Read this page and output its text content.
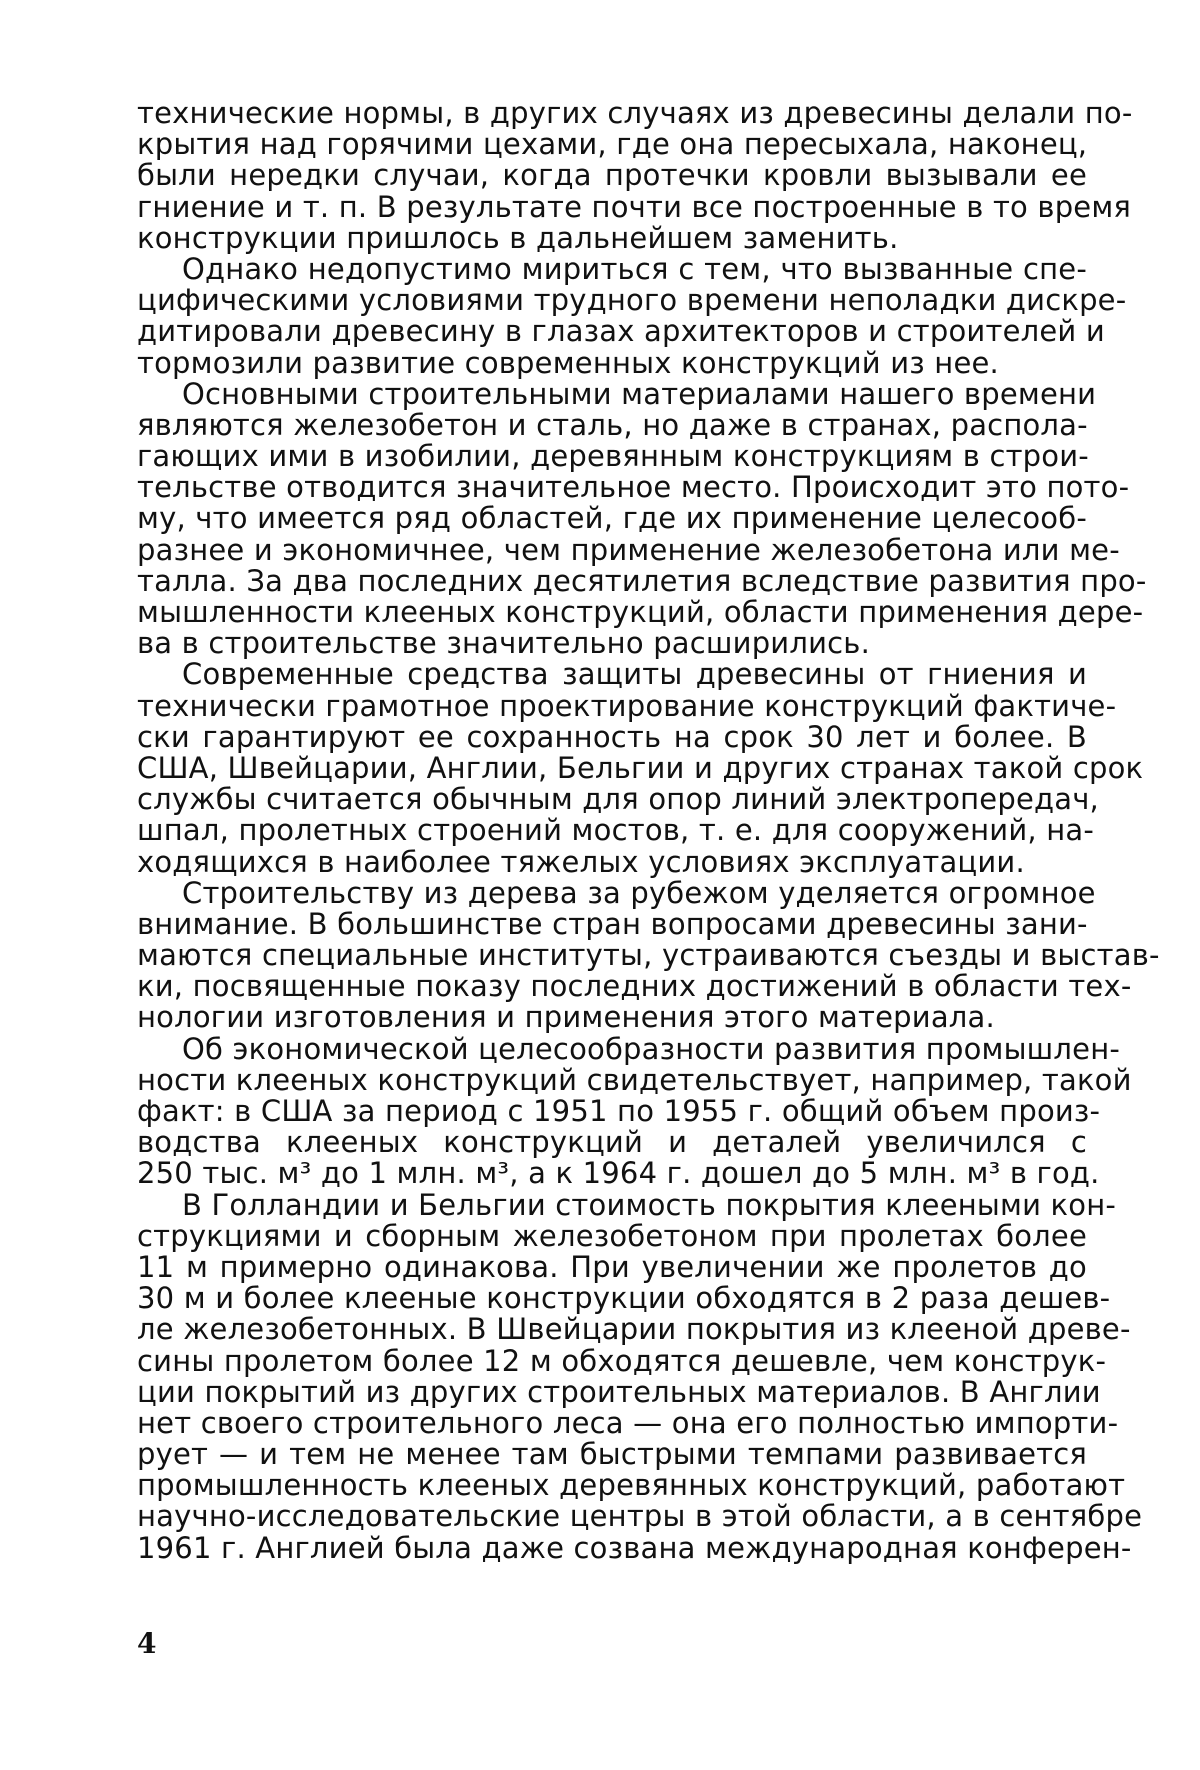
технические нормы, в других случаях из древесины делали по-
крытия над горячими цехами, где она пересыхала, наконец,
были нередки случаи, когда протечки кровли вызывали ее
гниение и т. п. В результате почти все построенные в то время
конструкции пришлось в дальнейшем заменить.
Однако недопустимо мириться с тем, что вызванные спе-
цифическими условиями трудного времени неполадки дискре-
дитировали древесину в глазах архитекторов и строителей и
тормозили развитие современных конструкций из нее.
Основными строительными материалами нашего времени
являются железобетон и сталь, но даже в странах, распола-
гающих ими в изобилии, деревянным конструкциям в строи-
тельстве отводится значительное место. Происходит это пото-
му, что имеется ряд областей, где их применение целесооб-
разнее и экономичнее, чем применение железобетона или ме-
талла. За два последних десятилетия вследствие развития про-
мышленности клееных конструкций, области применения дере-
ва в строительстве значительно расширились.
Современные средства защиты древесины от гниения и
технически грамотное проектирование конструкций фактиче-
ски гарантируют ее сохранность на срок 30 лет и более. В
США, Швейцарии, Англии, Бельгии и других странах такой срок
службы считается обычным для опор линий электропередач,
шпал, пролетных строений мостов, т. е. для сооружений, на-
ходящихся в наиболее тяжелых условиях эксплуатации.
Строительству из дерева за рубежом уделяется огромное
внимание. В большинстве стран вопросами древесины зани-
маются специальные институты, устраиваются съезды и выстав-
ки, посвященные показу последних достижений в области тех-
нологии изготовления и применения этого материала.
Об экономической целесообразности развития промышлен-
ности клееных конструкций свидетельствует, например, такой
факт: в США за период с 1951 по 1955 г. общий объем произ-
водства клееных конструкций и деталей увеличился с
250 тыс. м³ до 1 млн. м³, а к 1964 г. дошел до 5 млн. м³ в год.
В Голландии и Бельгии стоимость покрытия клееными кон-
струкциями и сборным железобетоном при пролетах более
11 м примерно одинакова. При увеличении же пролетов до
30 м и более клееные конструкции обходятся в 2 раза дешев-
ле железобетонных. В Швейцарии покрытия из клееной древе-
сины пролетом более 12 м обходятся дешевле, чем конструк-
ции покрытий из других строительных материалов. В Англии
нет своего строительного леса — она его полностью импорти-
рует — и тем не менее там быстрыми темпами развивается
промышленность клееных деревянных конструкций, работают
научно-исследовательские центры в этой области, а в сентябре
1961 г. Англией была даже созвана международная конферен-
4
